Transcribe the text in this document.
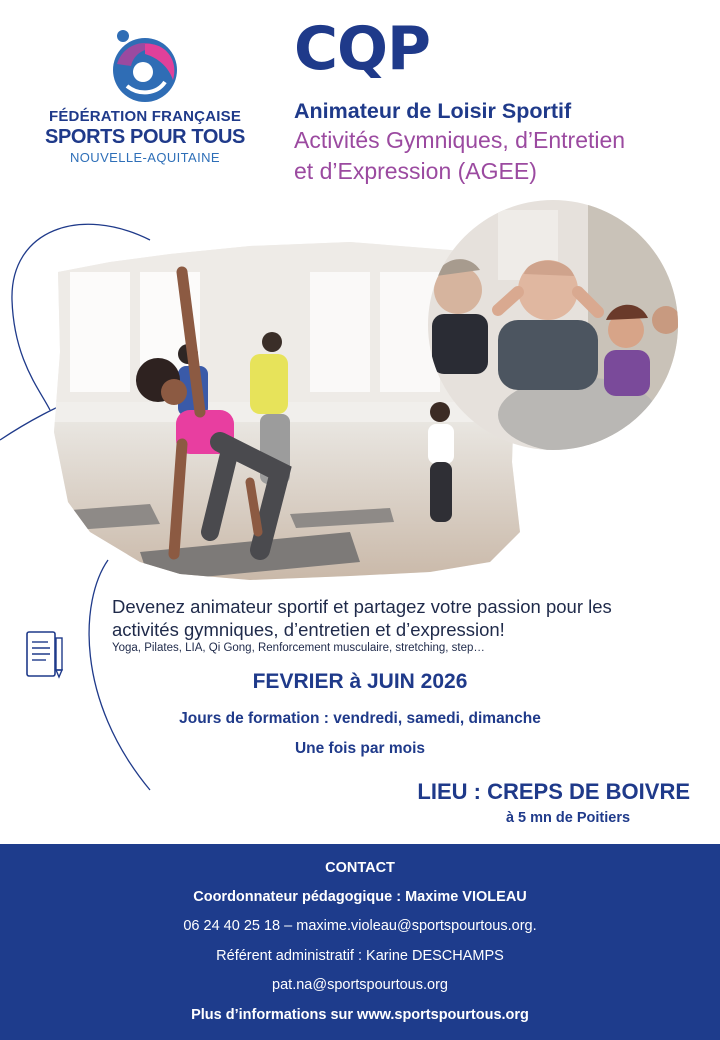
FÉDÉRATION FRANÇAISE
SPORTS POUR TOUS
NOUVELLE-AQUITAINE
CQP
Animateur de Loisir Sportif
Activités Gymniques, d’Entretien
et d’Expression (AGEE)
Devenez animateur sportif et partagez votre passion pour les
activités gymniques, d’entretien et d’expression!
Yoga, Pilates, LIA, Qi Gong, Renforcement musculaire, stretching, step…
FEVRIER à JUIN 2026
Jours de formation : vendredi, samedi, dimanche
Une fois par mois
LIEU : CREPS DE BOIVRE
à 5 mn de Poitiers
CONTACT
Coordonnateur pédagogique : Maxime VIOLEAU
06 24 40 25 18 – maxime.violeau@sportspourtous.org.
Référent administratif : Karine DESCHAMPS
pat.na@sportspourtous.org
Plus d’informations sur www.sportspourtous.org
